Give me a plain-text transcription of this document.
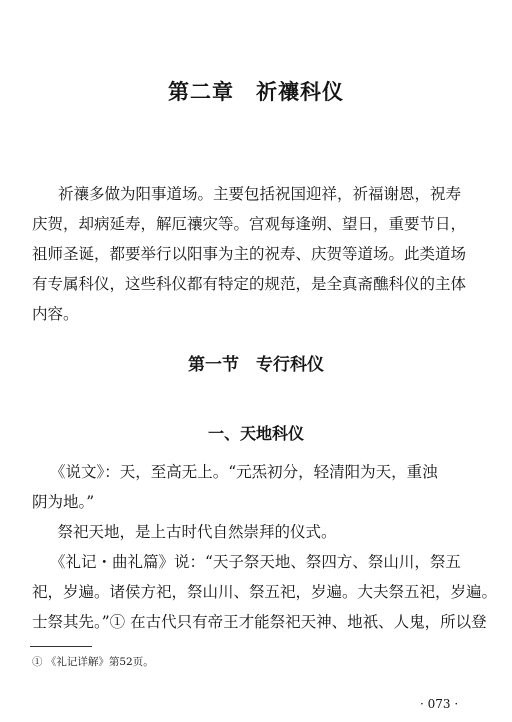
第二章　祈禳科仪
祈禳多做为阳事道场。主要包括祝国迎祥，祈福谢恩，祝寿
庆贺，却病延寿，解厄禳灾等。宫观每逢朔、望日，重要节日，
祖师圣诞，都要举行以阳事为主的祝寿、庆贺等道场。此类道场
有专属科仪，这些科仪都有特定的规范，是全真斋醮科仪的主体
内容。
第一节　专行科仪
一、天地科仪
《说文》：天，至高无上。“元炁初分，轻清阳为天，重浊
阴为地。”
　祭祀天地，是上古时代自然崇拜的仪式。
《礼记・曲礼篇》说：“天子祭天地、祭四方、祭山川，祭五
祀，岁遍。诸侯方祀，祭山川、祭五祀，岁遍。大夫祭五祀，岁遍。
士祭其先。”① 在古代只有帝王才能祭祀天神、地祇、人鬼，所以登
① 《礼记详解》第52页。
· 073 ·
